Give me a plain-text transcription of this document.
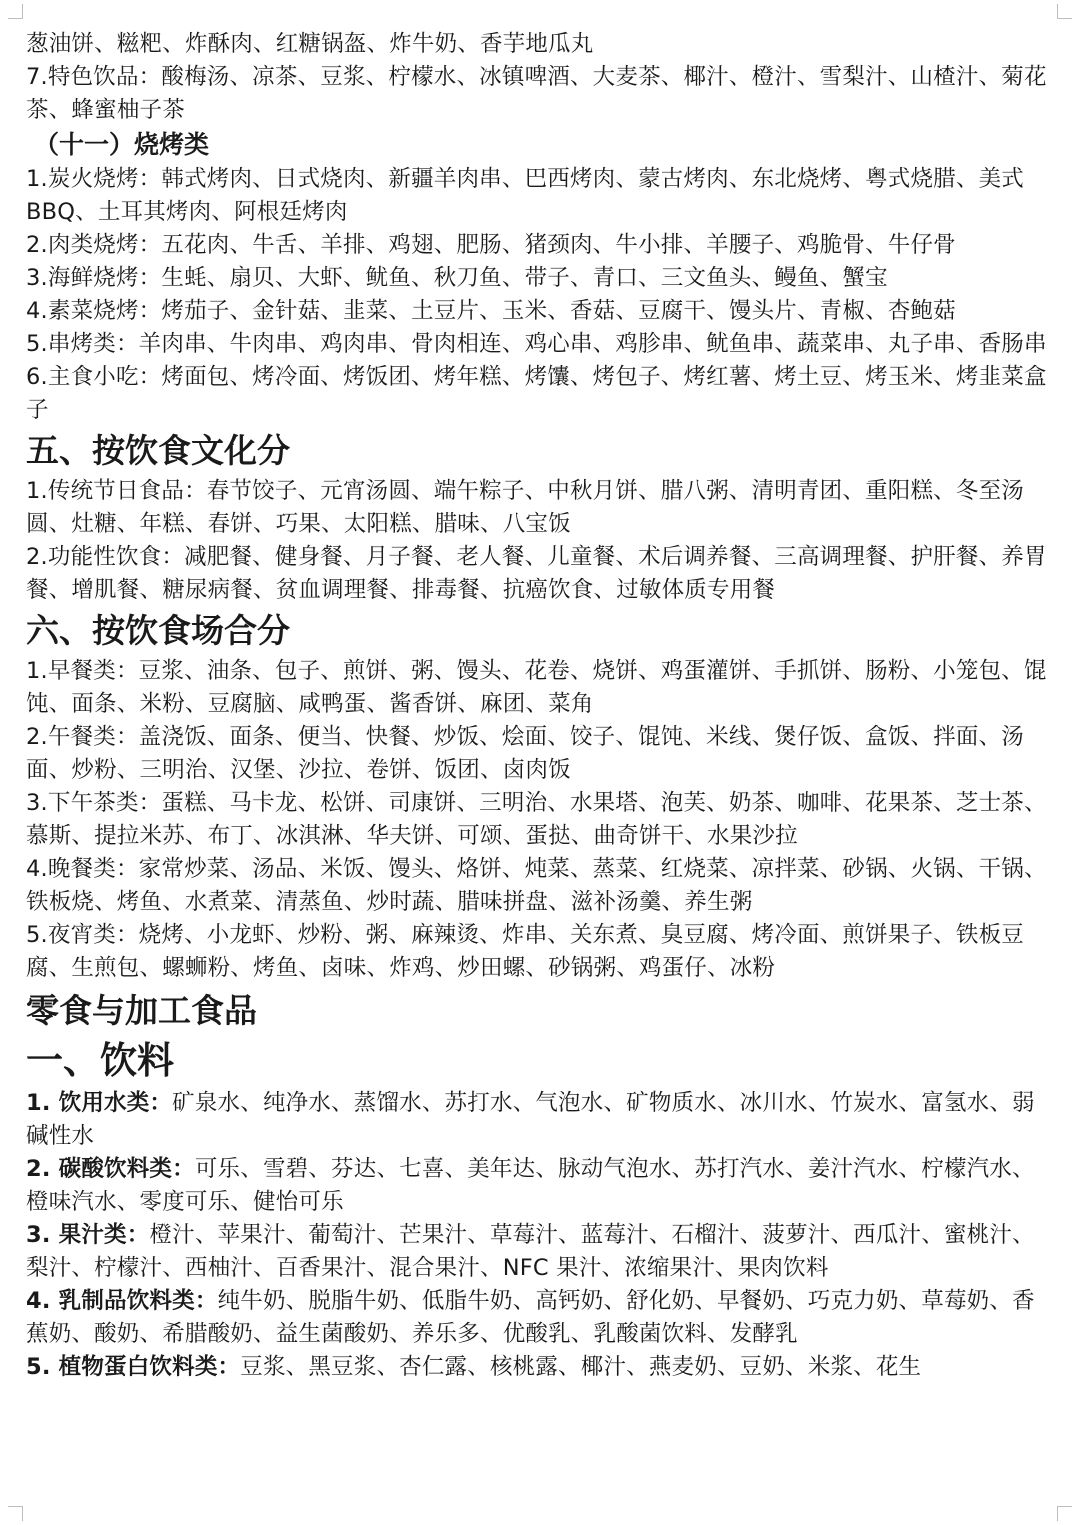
葱油饼、糍粑、炸酥肉、红糖锅盔、炸牛奶、香芋地瓜丸

7.特色饮品：酸梅汤、凉茶、豆浆、柠檬水、冰镇啤酒、大麦茶、椰汁、橙汁、雪梨汁、山楂汁、菊花茶、蜂蜜柚子茶

（十一）烧烤类

1.炭火烧烤：韩式烤肉、日式烧肉、新疆羊肉串、巴西烤肉、蒙古烤肉、东北烧烤、粤式烧腊、美式 BBQ、土耳其烤肉、阿根廷烤肉

2.肉类烧烤：五花肉、牛舌、羊排、鸡翅、肥肠、猪颈肉、牛小排、羊腰子、鸡脆骨、牛仔骨

3.海鲜烧烤：生蚝、扇贝、大虾、鱿鱼、秋刀鱼、带子、青口、三文鱼头、鳗鱼、蟹宝

4.素菜烧烤：烤茄子、金针菇、韭菜、土豆片、玉米、香菇、豆腐干、馒头片、青椒、杏鲍菇

5.串烤类：羊肉串、牛肉串、鸡肉串、骨肉相连、鸡心串、鸡胗串、鱿鱼串、蔬菜串、丸子串、香肠串

6.主食小吃：烤面包、烤冷面、烤饭团、烤年糕、烤馕、烤包子、烤红薯、烤土豆、烤玉米、烤韭菜盒子

五、按饮食文化分

1.传统节日食品：春节饺子、元宵汤圆、端午粽子、中秋月饼、腊八粥、清明青团、重阳糕、冬至汤圆、灶糖、年糕、春饼、巧果、太阳糕、腊味、八宝饭

2.功能性饮食：减肥餐、健身餐、月子餐、老人餐、儿童餐、术后调养餐、三高调理餐、护肝餐、养胃餐、增肌餐、糖尿病餐、贫血调理餐、排毒餐、抗癌饮食、过敏体质专用餐

六、按饮食场合分

1.早餐类：豆浆、油条、包子、煎饼、粥、馒头、花卷、烧饼、鸡蛋灌饼、手抓饼、肠粉、小笼包、馄饨、面条、米粉、豆腐脑、咸鸭蛋、酱香饼、麻团、菜角

2.午餐类：盖浇饭、面条、便当、快餐、炒饭、烩面、饺子、馄饨、米线、煲仔饭、盒饭、拌面、汤面、炒粉、三明治、汉堡、沙拉、卷饼、饭团、卤肉饭

3.下午茶类：蛋糕、马卡龙、松饼、司康饼、三明治、水果塔、泡芙、奶茶、咖啡、花果茶、芝士茶、慕斯、提拉米苏、布丁、冰淇淋、华夫饼、可颂、蛋挞、曲奇饼干、水果沙拉

4.晚餐类：家常炒菜、汤品、米饭、馒头、烙饼、炖菜、蒸菜、红烧菜、凉拌菜、砂锅、火锅、干锅、铁板烧、烤鱼、水煮菜、清蒸鱼、炒时蔬、腊味拼盘、滋补汤羹、养生粥

5.夜宵类：烧烤、小龙虾、炒粉、粥、麻辣烫、炸串、关东煮、臭豆腐、烤冷面、煎饼果子、铁板豆腐、生煎包、螺蛳粉、烤鱼、卤味、炸鸡、炒田螺、砂锅粥、鸡蛋仔、冰粉

零食与加工食品
一、饮料

1. 饮用水类：矿泉水、纯净水、蒸馏水、苏打水、气泡水、矿物质水、冰川水、竹炭水、富氢水、弱碱性水

2. 碳酸饮料类：可乐、雪碧、芬达、七喜、美年达、脉动气泡水、苏打汽水、姜汁汽水、柠檬汽水、橙味汽水、零度可乐、健怡可乐

3. 果汁类：橙汁、苹果汁、葡萄汁、芒果汁、草莓汁、蓝莓汁、石榴汁、菠萝汁、西瓜汁、蜜桃汁、梨汁、柠檬汁、西柚汁、百香果汁、混合果汁、NFC 果汁、浓缩果汁、果肉饮料

4. 乳制品饮料类：纯牛奶、脱脂牛奶、低脂牛奶、高钙奶、舒化奶、早餐奶、巧克力奶、草莓奶、香蕉奶、酸奶、希腊酸奶、益生菌酸奶、养乐多、优酸乳、乳酸菌饮料、发酵乳

5. 植物蛋白饮料类：豆浆、黑豆浆、杏仁露、核桃露、椰汁、燕麦奶、豆奶、米浆、花生
